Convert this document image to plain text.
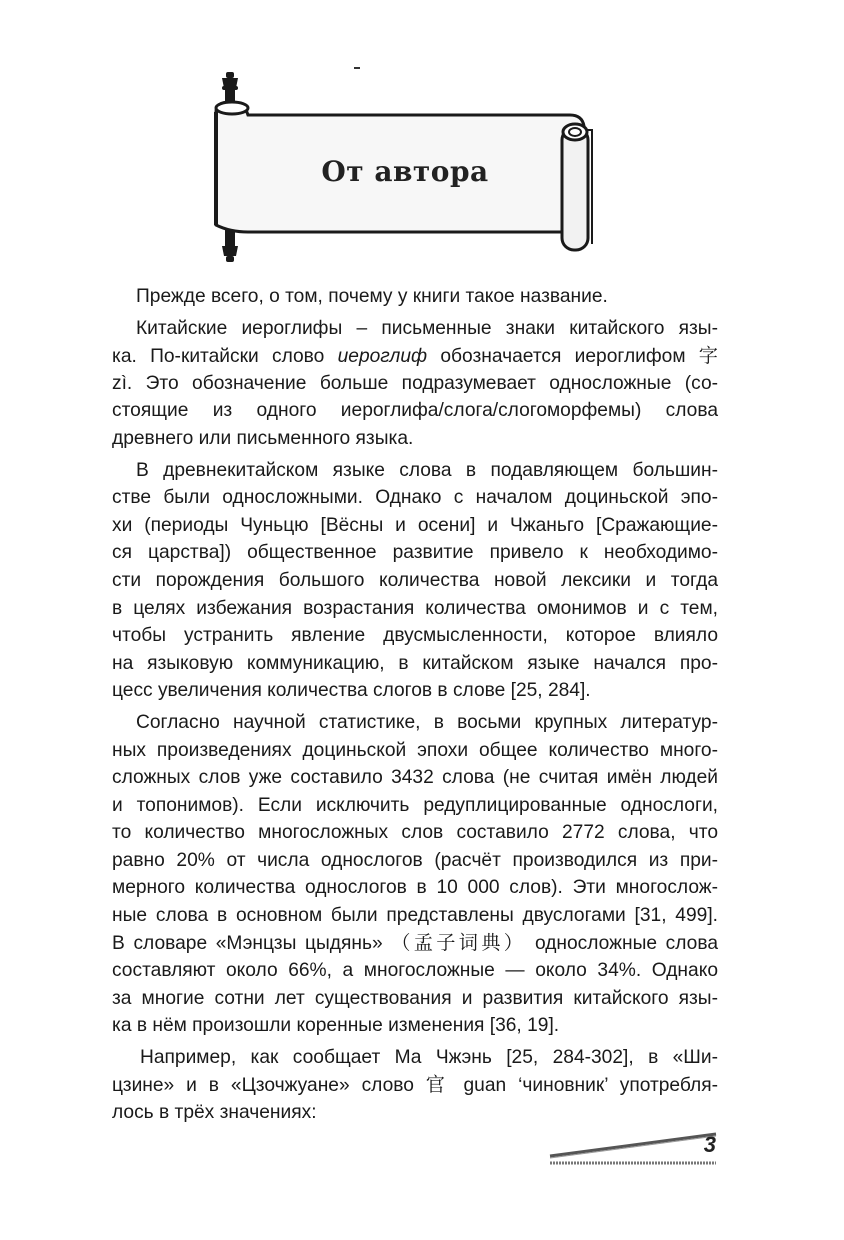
От автора

Прежде всего, о том, почему у книги такое название.

Китайские иероглифы – письменные знаки китайского язы-
ка. По-китайски слово иероглиф обозначается иероглифом 字
zì. Это обозначение больше подразумевает односложные (со-
стоящие из одного иероглифа/слога/слогоморфемы) слова
древнего или письменного языка.

В древнекитайском языке слова в подавляющем большин-
стве были односложными. Однако с началом доциньской эпо-
хи (периоды Чуньцю [Вёсны и осени] и Чжаньго [Сражающие-
ся царства]) общественное развитие привело к необходимо-
сти порождения большого количества новой лексики и тогда
в целях избежания возрастания количества омонимов и с тем,
чтобы устранить явление двусмысленности, которое влияло
на языковую коммуникацию, в китайском языке начался про-
цесс увеличения количества слогов в слове [25, 284].

Согласно научной статистике, в восьми крупных литератур-
ных произведениях доциньской эпохи общее количество много-
сложных слов уже составило 3432 слова (не считая имён людей
и топонимов). Если исключить редуплицированные однослоги,
то количество многосложных слов составило 2772 слова, что
равно 20% от числа однослогов (расчёт производился из при-
мерного количества однослогов в 10 000 слов). Эти многослож-
ные слова в основном были представлены двуслогами [31, 499].
В словаре «Мэнцзы цыдянь» （孟子词典） односложные слова
составляют около 66%, а многосложные — около 34%. Однако
за многие сотни лет существования и развития китайского язы-
ка в нём произошли коренные изменения [36, 19].

Например, как сообщает Ма Чжэнь [25, 284-302], в «Ши-
цзине» и в «Цзочжуане» слово 官 guan ‘чиновник’ употребля-
лось в трёх значениях:

3
